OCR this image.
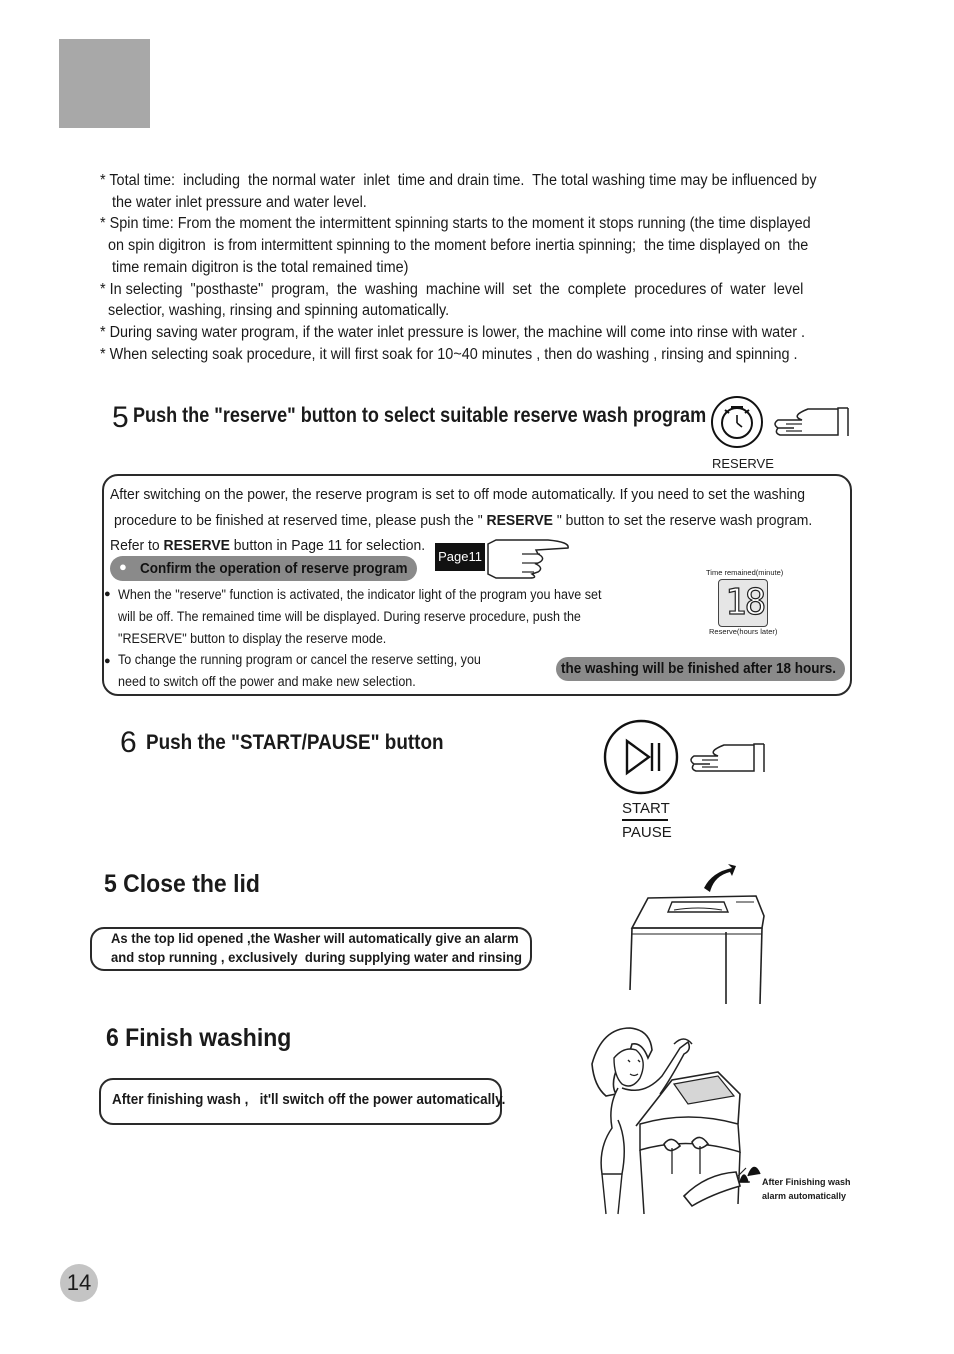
* Total time:  including  the normal water  inlet  time and drain time.  The total washing time may be influenced by

the water inlet pressure and water level.

* Spin time: From the moment the intermittent spinning starts to the moment it stops running (the time displayed

on spin digitron  is from intermittent spinning to the moment before inertia spinning;  the time displayed on  the

time remain digitron is the total remained time)

* In selecting  "posthaste"  program,  the  washing  machine will  set  the  complete  procedures of  water  level

selectior, washing, rinsing and spinning automatically.

* During saving water program, if the water inlet pressure is lower, the machine will come into rinse with water .

* When selecting soak procedure, it will first soak for 10~40 minutes , then do washing , rinsing and spinning .

5 Push the "reserve" button to select suitable reserve wash program
RESERVE
After switching on the power, the reserve program is set to off mode automatically. If you need to set the washing
procedure to be finished at reserved time, please push the " RESERVE " button to set the reserve wash program.
Refer to RESERVE button in Page 11 for selection.
Page11
● Confirm the operation of reserve program
● When the "reserve" function is activated, the indicator light of the program you have set
will be off. The remained time will be displayed. During reserve procedure, push the
"RESERVE" button to display the reserve mode.
● To change the running program or cancel the reserve setting, you
need to switch off the power and make new selection.
Time remained(minute)
18
Reserve(hours later)
the washing will be finished after 18 hours.
6 Push the "START/PAUSE" button
START
PAUSE
5 Close the lid
As the top lid opened ,the Washer will automatically give an alarm
and stop running , exclusively  during supplying water and rinsing
6 Finish washing
After finishing wash ,   it'll switch off the power automatically.
After Finishing wash
alarm automatically
14
